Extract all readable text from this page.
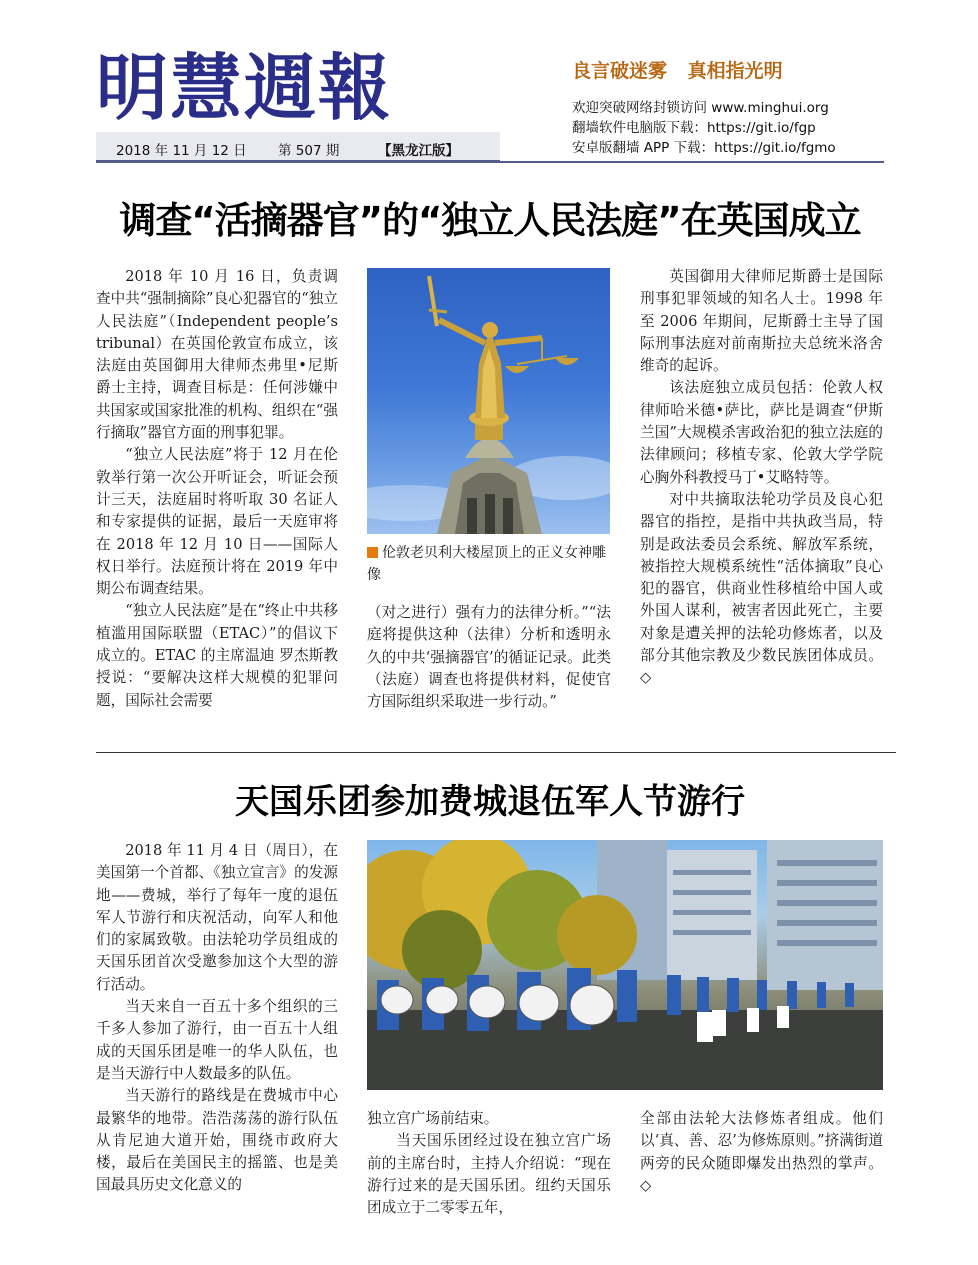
明慧週報	良言破迷雾 真相指光明
欢迎突破网络封锁访问 www.minghui.org
翻墙软件电脑版下载：https://git.io/fgp
安卓版翻墙 APP 下载：https://git.io/fgmo
2018 年 11 月 12 日 第 507 期	【黑龙江版】
调查“活摘器官”的“独立人民法庭”在英国成立

2018 年 10 月 16 日，负责调查中共“强制摘除”良心犯器官的“独立人民法庭”（Independent people’s tribunal）在英国伦敦宣布成立，该法庭由英国御用大律师杰弗里•尼斯爵士主持，调查目标是：任何涉嫌中共国家或国家批准的机构、组织在“强行摘取”器官方面的刑事犯罪。

“独立人民法庭”将于 12 月在伦敦举行第一次公开听证会，听证会预计三天，法庭届时将听取 30 名证人和专家提供的证据，最后一天庭审将在 2018 年 12 月 10 日——国际人权日举行。法庭预计将在 2019 年中期公布调查结果。

“独立人民法庭”是在“终止中共移植滥用国际联盟（ETAC）”的倡议下成立的。ETAC 的主席温迪 罗杰斯教授说：“要解决这样大规模的犯罪问题，国际社会需要

伦敦老贝利大楼屋顶上的正义女神雕像

（对之进行）强有力的法律分析。”“法庭将提供这种（法律）分析和透明永久的中共‘强摘器官’的循证记录。此类（法庭）调查也将提供材料，促使官方国际组织采取进一步行动。”

英国御用大律师尼斯爵士是国际刑事犯罪领域的知名人士。1998 年至 2006 年期间，尼斯爵士主导了国际刑事法庭对前南斯拉夫总统米洛舍维奇的起诉。

该法庭独立成员包括：伦敦人权律师哈米德•萨比，萨比是调查“伊斯兰国”大规模杀害政治犯的独立法庭的法律顾问；移植专家、伦敦大学学院心胸外科教授马丁•艾略特等。

对中共摘取法轮功学员及良心犯器官的指控，是指中共执政当局，特别是政法委员会系统、解放军系统，被指控大规模系统性“活体摘取”良心犯的器官，供商业性移植给中国人或外国人谋利，被害者因此死亡，主要对象是遭关押的法轮功修炼者，以及部分其他宗教及少数民族团体成员。◇

天国乐团参加费城退伍军人节游行

2018 年 11 月 4 日（周日），在美国第一个首都、《独立宣言》的发源地——费城，举行了每年一度的退伍军人节游行和庆祝活动，向军人和他们的家属致敬。由法轮功学员组成的天国乐团首次受邀参加这个大型的游行活动。

当天来自一百五十多个组织的三千多人参加了游行，由一百五十人组成的天国乐团是唯一的华人队伍，也是当天游行中人数最多的队伍。

当天游行的路线是在费城市中心最繁华的地带。浩浩荡荡的游行队伍从肯尼迪大道开始，围绕市政府大楼，最后在美国民主的摇篮、也是美国最具历史文化意义的

独立宫广场前结束。

当天国乐团经过设在独立宫广场前的主席台时，主持人介绍说：“现在游行过来的是天国乐团。纽约天国乐团成立于二零零五年，

全部由法轮大法修炼者组成。他们以‘真、善、忍’为修炼原则。”挤满街道两旁的民众随即爆发出热烈的掌声。◇
